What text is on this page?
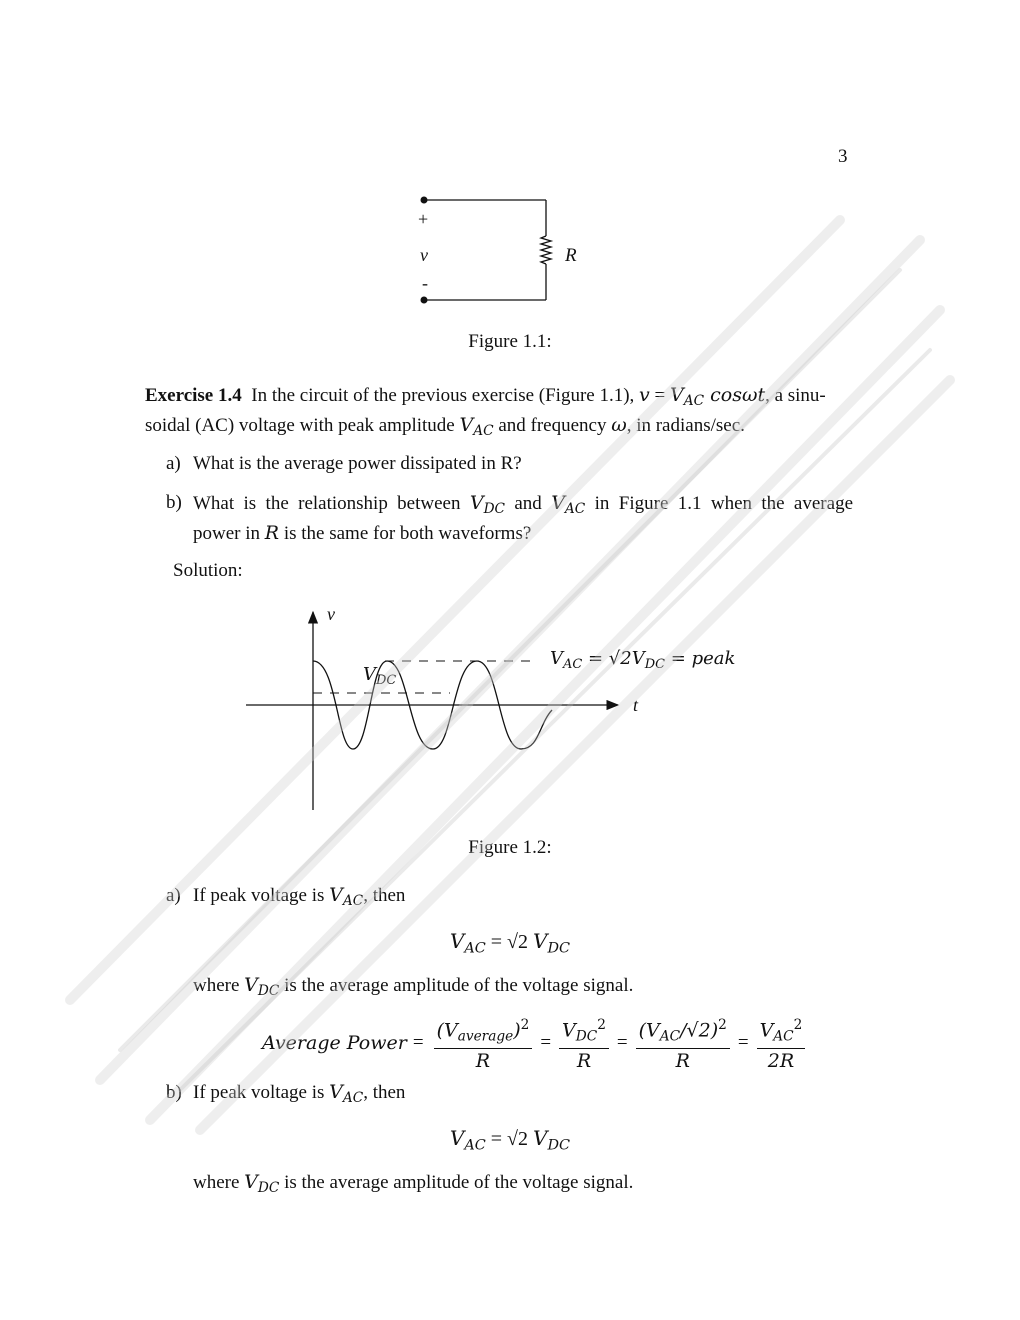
3
+
v
-
R
Figure 1.1:
Exercise 1.4 In the circuit of the previous exercise (Figure 1.1), $v = V_{AC}$ cosωt, a sinu-
soidal (AC) voltage with peak amplitude $V_{AC}$ and frequency ω, in radians/sec.
a) What is the average power dissipated in R?
b) What is the relationship between $V_{DC}$ and $V_{AC}$ in Figure 1.1 when the average
power in R is the same for both waveforms?
Solution:
v
t
$V_{DC}$
$V_{AC} = √2V_{DC}$ = peak
Figure 1.2:
a) If peak voltage is $V_{AC}$, then
$V_{AC} = √2$ $V_{DC}$
where $V_{DC}$ is the average amplitude of the voltage signal.
Average Power = $\frac{(V_{average})^2}{R} = \frac{V_{DC}^2}{R} = \frac{(V_{AC}/√2)^2}{R} = \frac{V_{AC}^2}{2R}$
b) If peak voltage is $V_{AC}$, then
$V_{AC} = √2$ $V_{DC}$
where $V_{DC}$ is the average amplitude of the voltage signal.
